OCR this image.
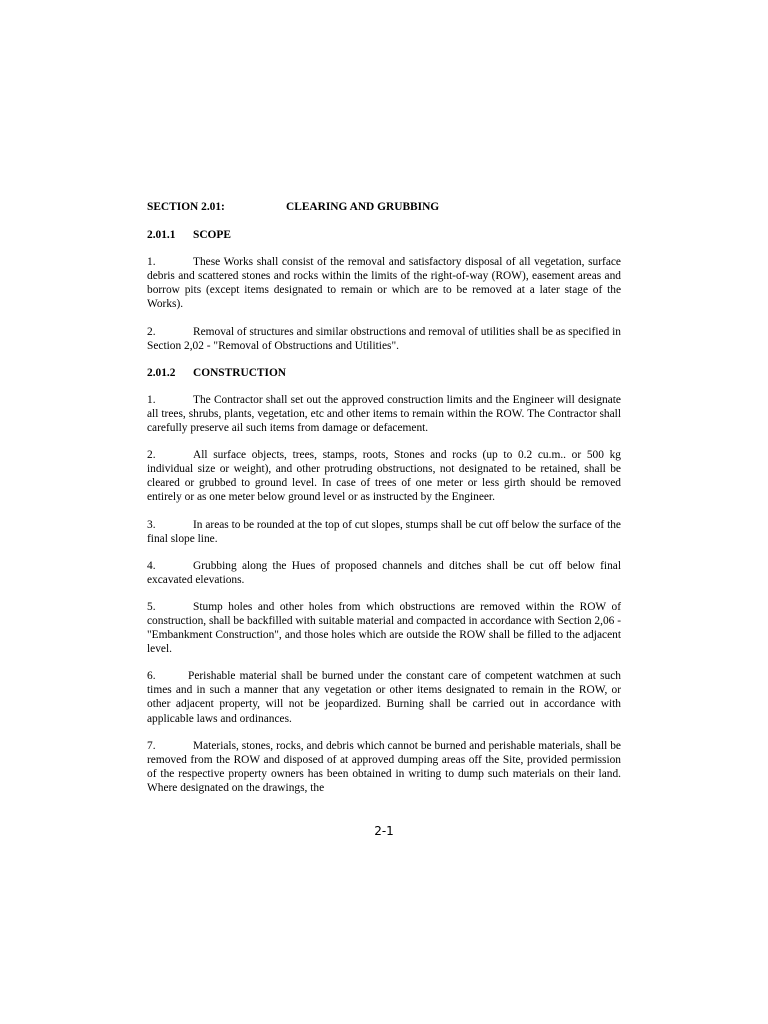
SECTION 2.01:	CLEARING AND GRUBBING
2.01.1 SCOPE

1.	These Works shall consist of the removal and satisfactory disposal of all vegetation, surface debris and scattered stones and rocks within the limits of the right-of-way (ROW), easement areas and borrow pits (except items designated to remain or which are to be removed at a later stage of the Works).

2.	Removal of structures and similar obstructions and removal of utilities shall be as specified in Section 2,02 - "Removal of Obstructions and Utilities".

2.01.2 CONSTRUCTION

1.	The Contractor shall set out the approved construction limits and the Engineer will designate all trees, shrubs, plants, vegetation, etc and other items to remain within the ROW. The Contractor shall carefully preserve ail such items from damage or defacement.

2.	All surface objects, trees, stamps, roots, Stones and rocks (up to 0.2 cu.m.. or 500 kg individual size or weight), and other protruding obstructions, not designated to be retained, shall be cleared or grubbed to ground level. In case of trees of one meter or less girth should be removed entirely or as one meter below ground level or as instructed by the Engineer.

3.	In areas to be rounded at the top of cut slopes, stumps shall be cut off below the surface of the final slope line.

4.	Grubbing along the Hues of proposed channels and ditches shall be cut off below final excavated elevations.

5.	Stump holes and other holes from which obstructions are removed within the ROW of construction, shall be backfilled with suitable material and compacted in accordance with Section 2,06 - "Embankment Construction", and those holes which are outside the ROW shall be filled to the adjacent level.

6.	Perishable material shall be burned under the constant care of competent watchmen at such times and in such a manner that any vegetation or other items designated to remain in the ROW, or other adjacent property, will not be jeopardized. Burning shall be carried out in accordance with applicable laws and ordinances.

7.	Materials, stones, rocks, and debris which cannot be burned and perishable materials, shall be removed from the ROW and disposed of at approved dumping areas off the Site, provided permission of the respective property owners has been obtained in writing to dump such materials on their land. Where designated on the drawings, the

2-1
